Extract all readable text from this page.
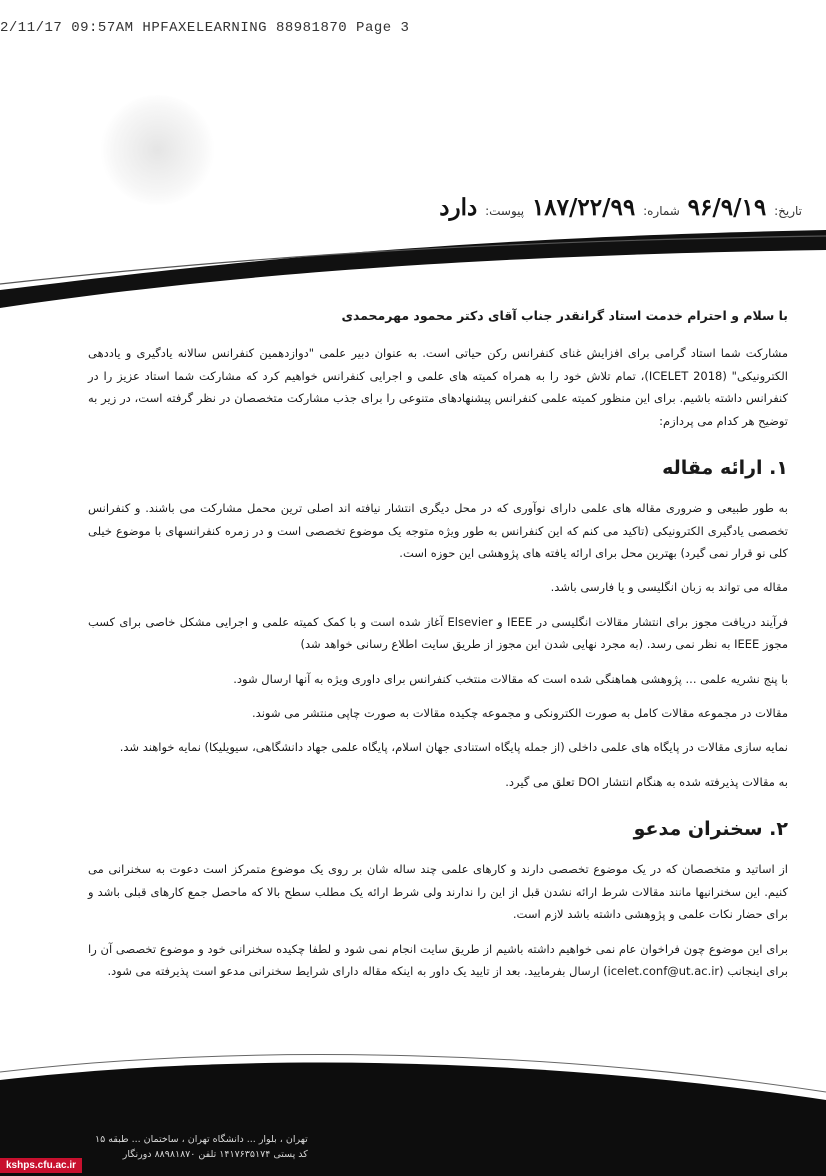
2/11/17 09:57AM HPFAXELEARNING 88981870 Page 3
تاریخ: ۹۶/۹/۱۹ شماره: ۱۸۷/۲۲/۹۹ پیوست: دارد
با سلام و احترام خدمت استاد گرانقدر جناب آقای دکتر محمود مهرمحمدی

مشارکت شما استاد گرامی برای افزایش غنای کنفرانس رکن حیاتی است. به عنوان دبیر علمی "دوازدهمین کنفرانس سالانه یادگیری و یاددهی الکترونیکی" (ICELET 2018)، تمام تلاش خود را به همراه کمیته های علمی و اجرایی کنفرانس خواهیم کرد که مشارکت شما استاد عزیز را در کنفرانس داشته باشیم. برای این منظور کمیته علمی کنفرانس پیشنهادهای متنوعی را برای جذب مشارکت متخصصان در نظر گرفته است، در زیر به توضیح هر کدام می پردازم:

۱. ارائه مقاله

به طور طبیعی و ضروری مقاله های علمی دارای نوآوری که در محل دیگری انتشار نیافته اند اصلی ترین محمل مشارکت می باشند. و کنفرانس تخصصی یادگیری الکترونیکی (تاکید می کنم که این کنفرانس به طور ویژه متوجه یک موضوع تخصصی است و در زمره کنفرانسهای با موضوع خیلی کلی نو قرار نمی گیرد) بهترین محل برای ارائه یافته های پژوهشی این حوزه است.

مقاله می تواند به زبان انگلیسی و یا فارسی باشد.

فرآیند دریافت مجوز برای انتشار مقالات انگلیسی در IEEE و Elsevier آغاز شده است و با کمک کمیته علمی و اجرایی مشکل خاصی برای کسب مجوز IEEE به نظر نمی رسد. (به مجرد نهایی شدن این مجوز از طریق سایت اطلاع رسانی خواهد شد)

با پنج نشریه علمی ... پژوهشی هماهنگی شده است که مقالات منتخب کنفرانس برای داوری ویژه به آنها ارسال شود.

مقالات در مجموعه مقالات کامل به صورت الکترونکی و مجموعه چکیده مقالات به صورت چاپی منتشر می شوند.

نمایه سازی مقالات در پایگاه های علمی داخلی (از جمله پایگاه استنادی جهان اسلام، پایگاه علمی جهاد دانشگاهی، سیویلیکا) نمایه خواهند شد.

به مقالات پذیرفته شده به هنگام انتشار DOI تعلق می گیرد.

۲. سخنران مدعو

از اساتید و متخصصان که در یک موضوع تخصصی دارند و کارهای علمی چند ساله شان بر روی یک موضوع متمرکز است دعوت به سخنرانی می کنیم. این سخنرانیها مانند مقالات شرط ارائه نشدن قبل از این را ندارند ولی شرط ارائه یک مطلب سطح بالا که ماحصل جمع کارهای قبلی باشد و برای حضار نکات علمی و پژوهشی داشته باشد لازم است.

برای این موضوع چون فراخوان عام نمی خواهیم داشته باشیم از طریق سایت انجام نمی شود و لطفا چکیده سخنرانی خود و موضوع تخصصی آن را برای اینجانب (icelet.conf@ut.ac.ir) ارسال بفرمایید. بعد از تایید یک داور به اینکه مقاله دارای شرایط سخنرانی مدعو است پذیرفته می شود.

تهران ، بلوار ... دانشگاه تهران ، ساختمان ... طبقه ۱۵
کد پستی ۱۴۱۷۶۳۵۱۷۴ تلفن ۸۸۹۸۱۸۷۰ دورنگار
kshps.cfu.ac.ir
